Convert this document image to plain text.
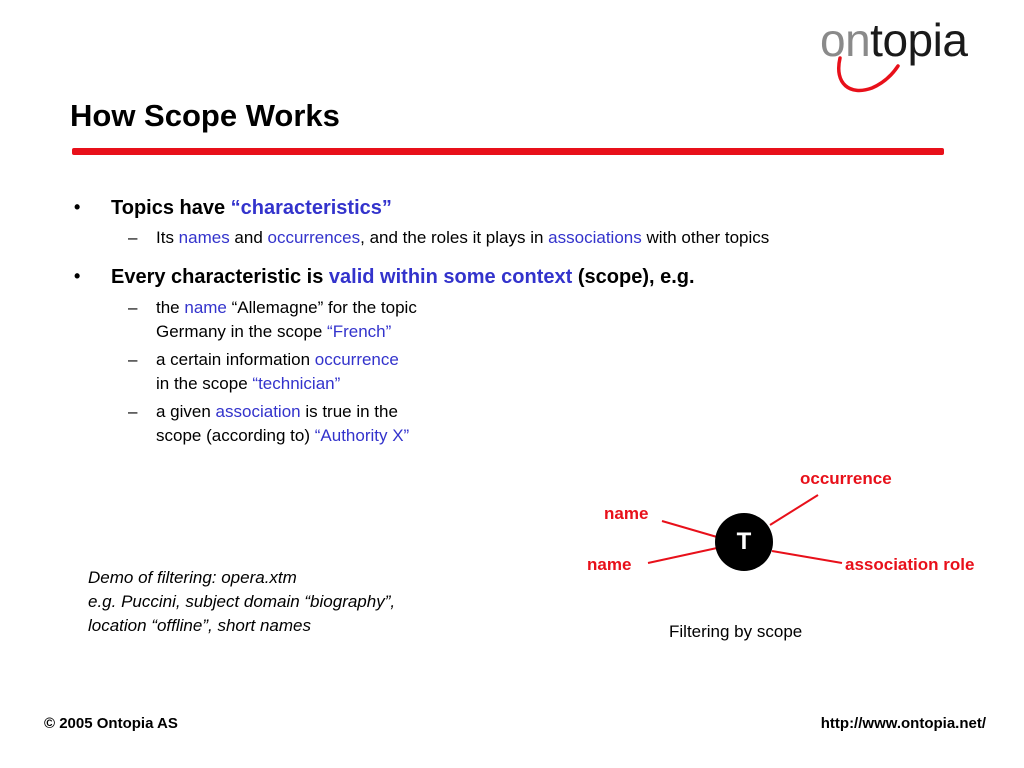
ontopia
How Scope Works
• Topics have “characteristics”
– Its names and occurrences, and the roles it plays in associations with other topics
• Every characteristic is valid within some context (scope), e.g.
– the name “Allemagne” for the topic
Germany in the scope “French”
– a certain information occurrence
in the scope “technician”
– a given association is true in the
scope (according to) “Authority X”
Demo of filtering: opera.xtm
e.g. Puccini, subject domain “biography”,
location “offline”, short names
T
occurrence
name
name	association role
Filtering by scope
© 2005 Ontopia AS	http://www.ontopia.net/
